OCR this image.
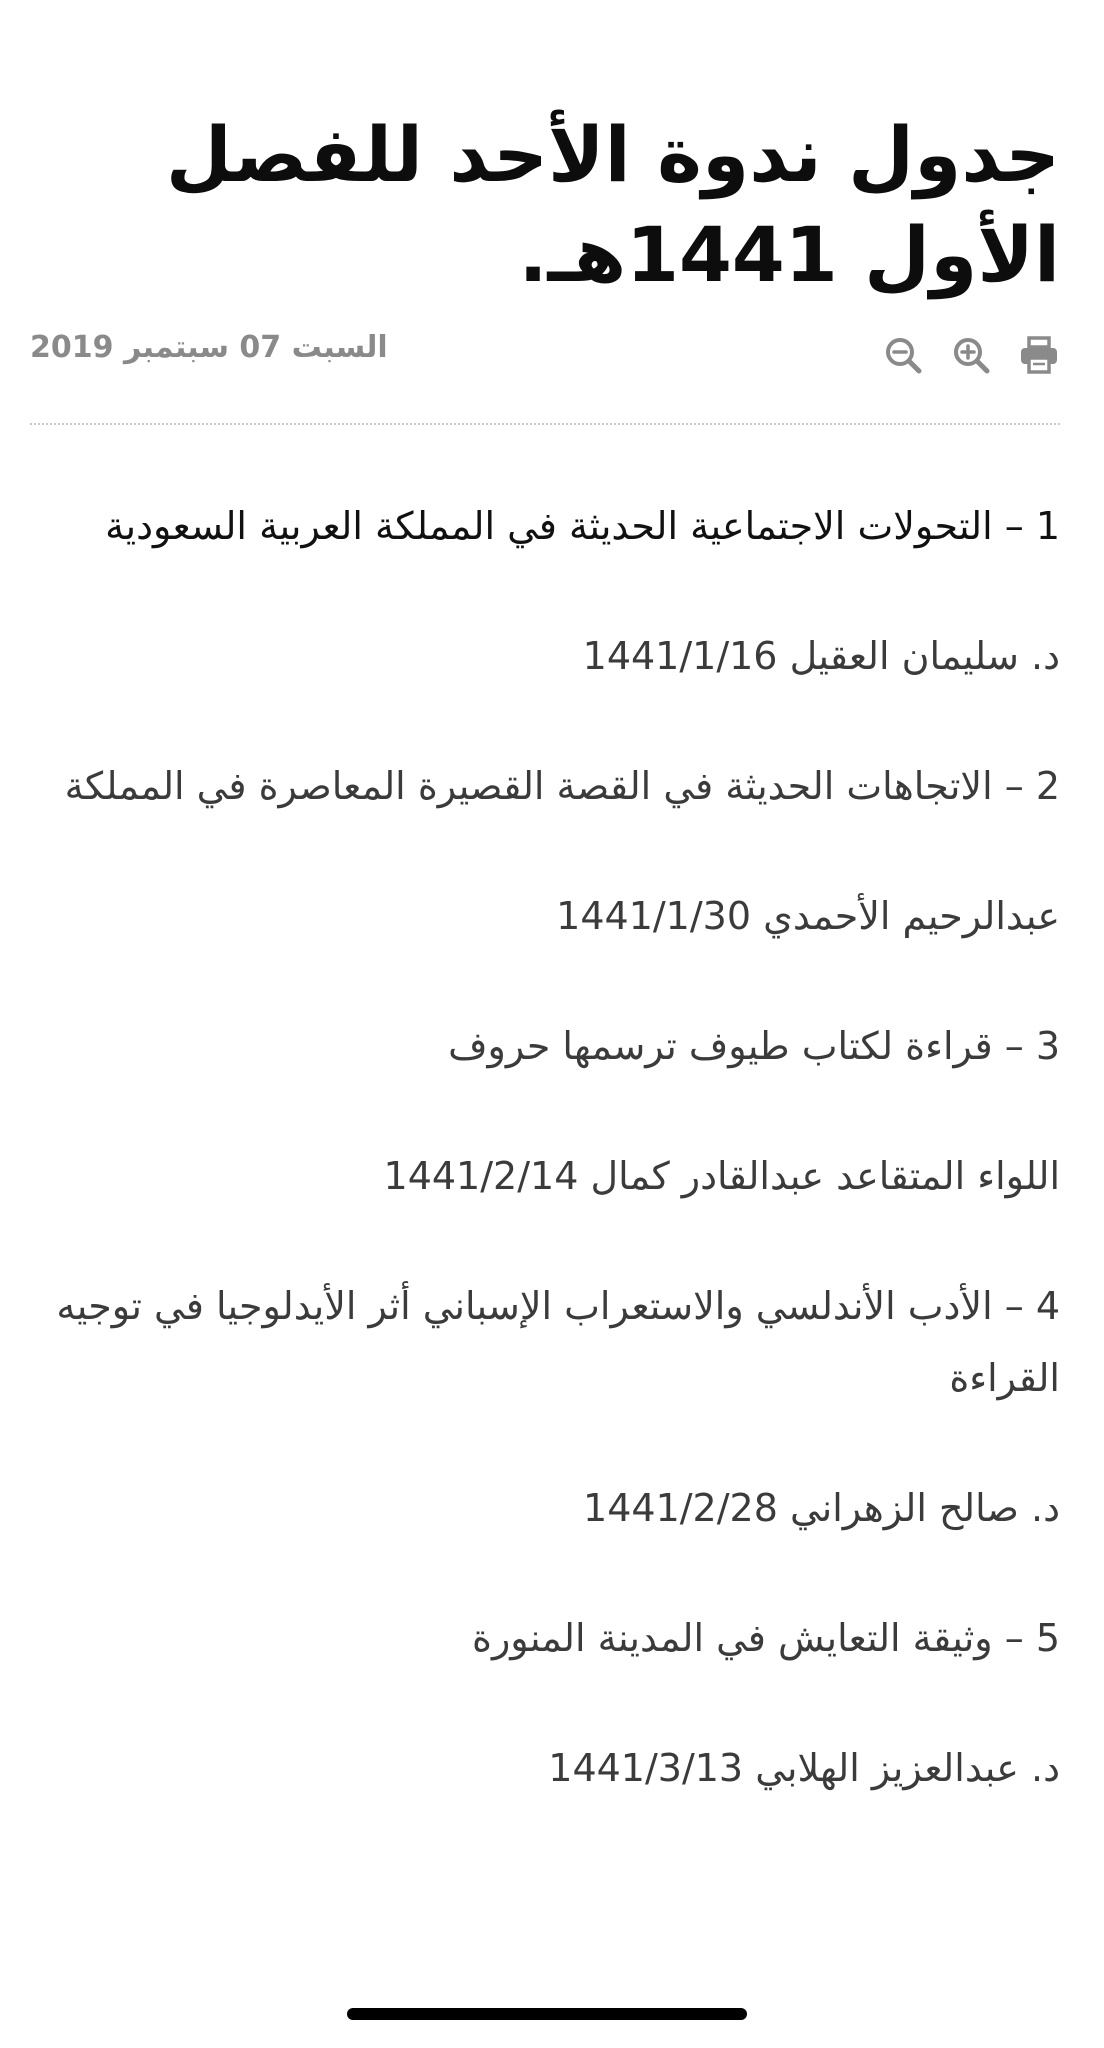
جدول ندوة الأحد للفصل الأول 1441هـ.
السبت 07 سبتمبر 2019

1 – التحولات الاجتماعية الحديثة في المملكة العربية السعودية

د. سليمان العقيل 1441/1/16

2 – الاتجاهات الحديثة في القصة القصيرة المعاصرة في المملكة

عبدالرحيم الأحمدي 1441/1/30

3 – قراءة لكتاب طيوف ترسمها حروف

اللواء المتقاعد عبدالقادر كمال 1441/2/14

4 – الأدب الأندلسي والاستعراب الإسباني أثر الأيدلوجيا في توجيه القراءة

د. صالح الزهراني 1441/2/28

5 – وثيقة التعايش في المدينة المنورة

د. عبدالعزيز الهلابي 1441/3/13
